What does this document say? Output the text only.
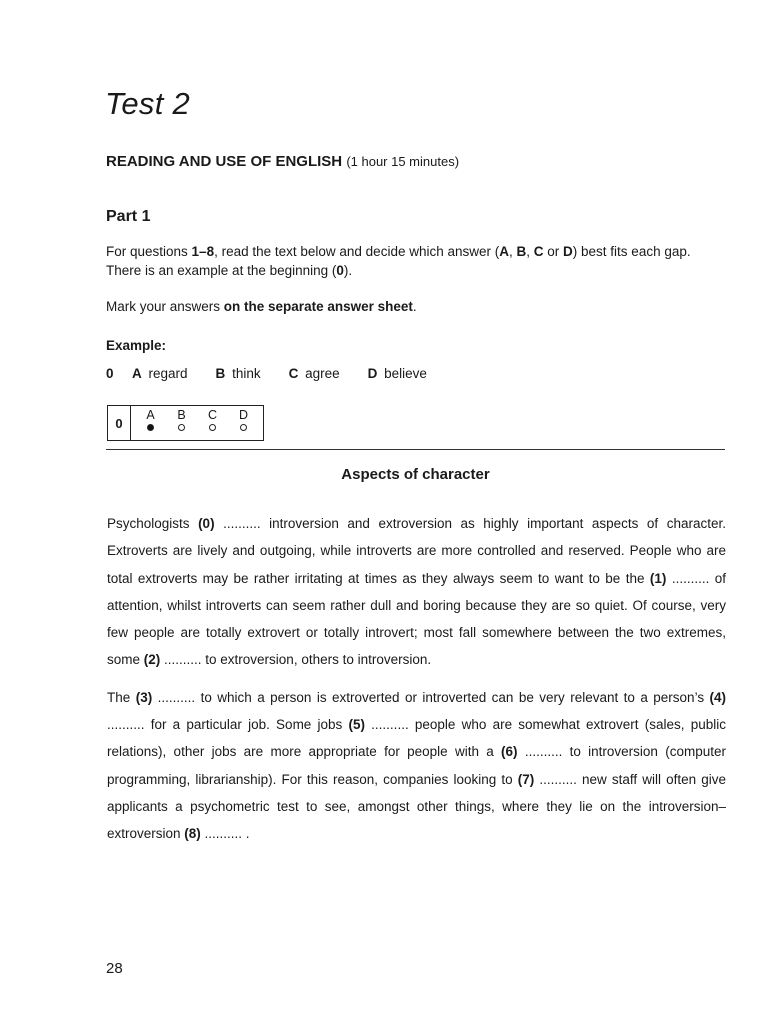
Test 2
READING AND USE OF ENGLISH (1 hour 15 minutes)
Part 1

For questions 1–8, read the text below and decide which answer (A, B, C or D) best fits each gap.

There is an example at the beginning (0).

Mark your answers on the separate answer sheet.
Example:
0	A regard B think C agree D believe
0
A	B	C	D
Aspects of character

Psychologists (0) .......... introversion and extroversion as highly important aspects of character. Extroverts are lively and outgoing, while introverts are more controlled and reserved. People who are total extroverts may be rather irritating at times as they always seem to want to be the (1) .......... of attention, whilst introverts can seem rather dull and boring because they are so quiet. Of course, very few people are totally extrovert or totally introvert; most fall somewhere between the two extremes, some (2) .......... to extroversion, others to introversion.

The (3) .......... to which a person is extroverted or introverted can be very relevant to a person’s (4) .......... for a particular job. Some jobs (5) .......... people who are somewhat extrovert (sales, public relations), other jobs are more appropriate for people with a (6) .......... to introversion (computer programming, librarianship). For this reason, companies looking to (7) .......... new staff will often give applicants a psychometric test to see, amongst other things, where they lie on the introversion–extroversion (8) .......... .

28
